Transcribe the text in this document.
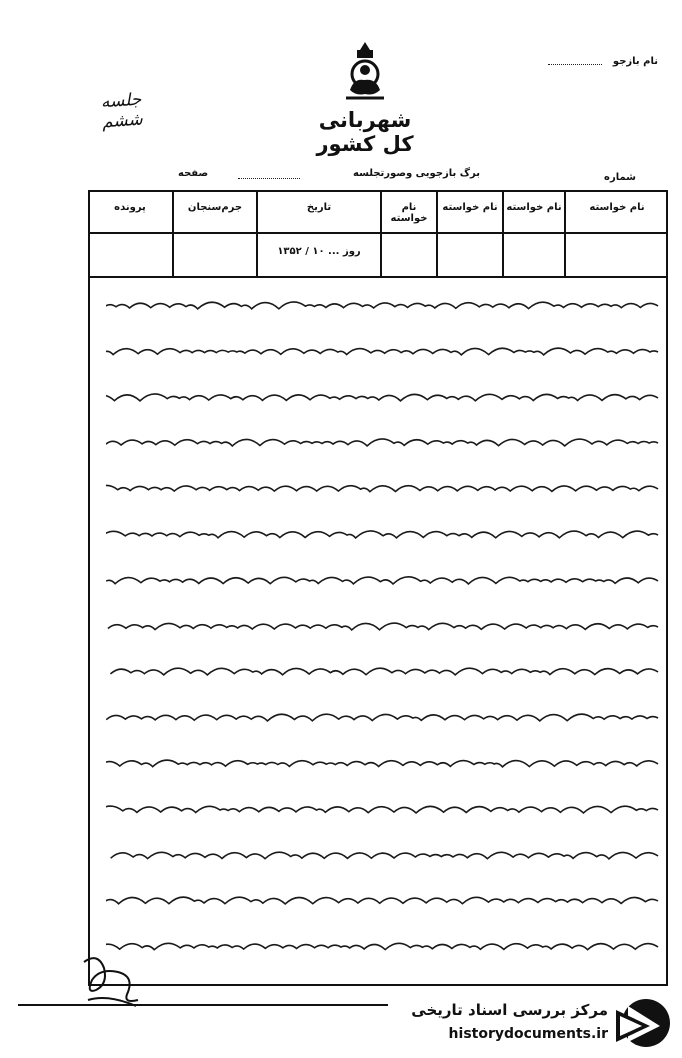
شهربانی کل کشور
جلسه ششم
نام بازجو
برگ بازجویی وصورتجلسه
صفحه	شماره
نام خواسته
نام خواسته
نام خواسته
نام خواسته
تاریخ
روز ... ۱۰ / ۱۳۵۲
جرم‌سنجان
پرونده
مرکز بررسی اسناد تاریخی
historydocuments.ir
